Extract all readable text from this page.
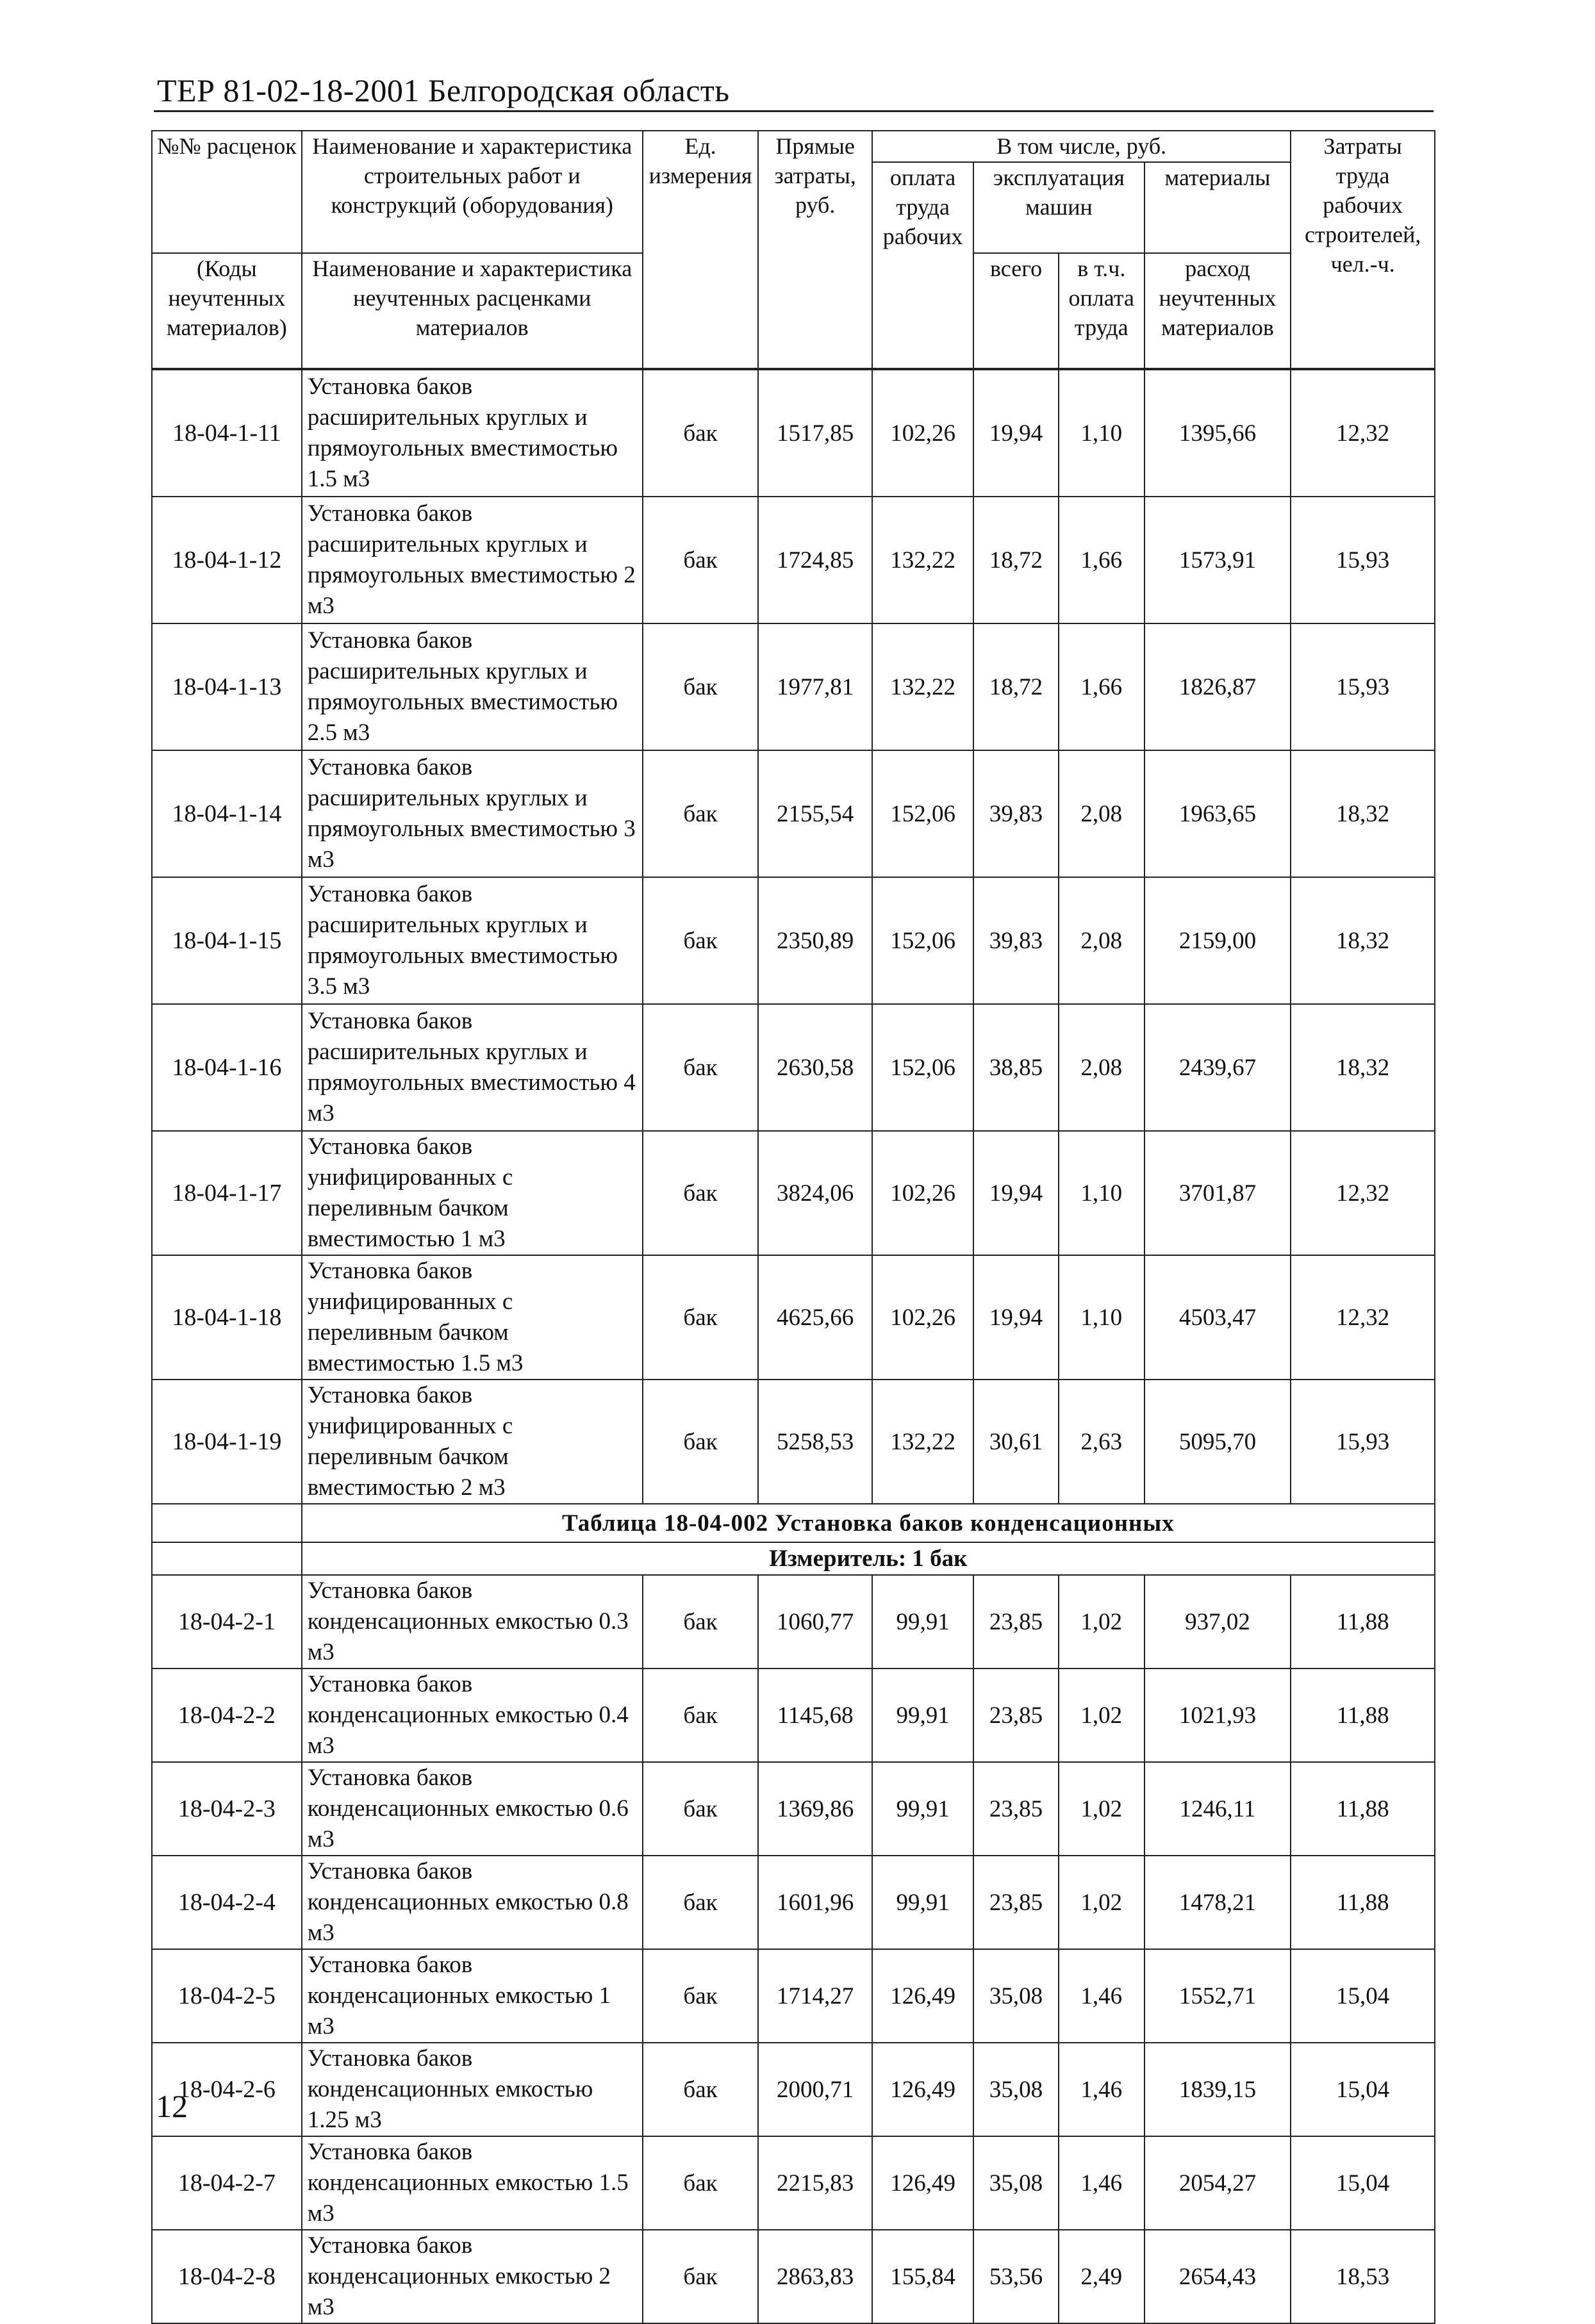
ТЕР 81-02-18-2001 Белгородская область
№№ расценок	Наименование и характеристика строительных работ и конструкций (оборудования)	Ед. измерения	Прямые затраты, руб.	В том числе, руб.				Затраты труда рабочих строителей, чел.-ч.
				оплата труда рабочих	эксплуатация машин		материалы	
(Коды неучтенных материалов)	Наименование и характеристика неучтенных расценками материалов				всего	в т.ч. оплата труда	расход неучтенных материалов	

18-04-1-11	Установка баков расширительных круглых и прямоугольных вместимостью 1.5 м3	бак	1517,85	102,26	19,94	1,10	1395,66	12,32
18-04-1-12	Установка баков расширительных круглых и прямоугольных вместимостью 2 м3	бак	1724,85	132,22	18,72	1,66	1573,91	15,93
18-04-1-13	Установка баков расширительных круглых и прямоугольных вместимостью 2.5 м3	бак	1977,81	132,22	18,72	1,66	1826,87	15,93
18-04-1-14	Установка баков расширительных круглых и прямоугольных вместимостью 3 м3	бак	2155,54	152,06	39,83	2,08	1963,65	18,32
18-04-1-15	Установка баков расширительных круглых и прямоугольных вместимостью 3.5 м3	бак	2350,89	152,06	39,83	2,08	2159,00	18,32
18-04-1-16	Установка баков расширительных круглых и прямоугольных вместимостью 4 м3	бак	2630,58	152,06	38,85	2,08	2439,67	18,32
18-04-1-17	Установка баков унифицированных с переливным бачком вместимостью 1 м3	бак	3824,06	102,26	19,94	1,10	3701,87	12,32
18-04-1-18	Установка баков унифицированных с переливным бачком вместимостью 1.5 м3	бак	4625,66	102,26	19,94	1,10	4503,47	12,32
18-04-1-19	Установка баков унифицированных с переливным бачком вместимостью 2 м3	бак	5258,53	132,22	30,61	2,63	5095,70	15,93
	Таблица 18-04-002 Установка баков конденсационных							
	Измеритель: 1 бак							
18-04-2-1	Установка баков конденсационных емкостью 0.3 м3	бак	1060,77	99,91	23,85	1,02	937,02	11,88
18-04-2-2	Установка баков конденсационных емкостью 0.4 м3	бак	1145,68	99,91	23,85	1,02	1021,93	11,88
18-04-2-3	Установка баков конденсационных емкостью 0.6 м3	бак	1369,86	99,91	23,85	1,02	1246,11	11,88
18-04-2-4	Установка баков конденсационных емкостью 0.8 м3	бак	1601,96	99,91	23,85	1,02	1478,21	11,88
18-04-2-5	Установка баков конденсационных емкостью 1 м3	бак	1714,27	126,49	35,08	1,46	1552,71	15,04
18-04-2-6	Установка баков конденсационных емкостью 1.25 м3	бак	2000,71	126,49	35,08	1,46	1839,15	15,04
18-04-2-7	Установка баков конденсационных емкостью 1.5 м3	бак	2215,83	126,49	35,08	1,46	2054,27	15,04
18-04-2-8	Установка баков конденсационных емкостью 2 м3	бак	2863,83	155,84	53,56	2,49	2654,43	18,53
12
